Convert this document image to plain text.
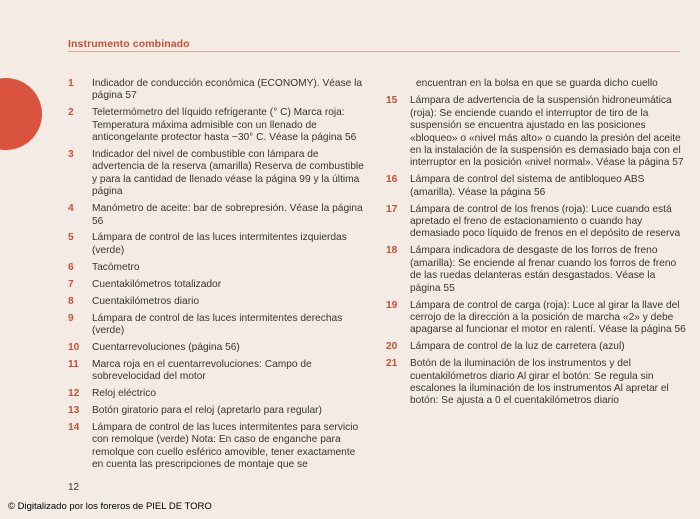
Instrumento combinado
1	Indicador de conducción económica (ECONOMY). Véase la página 57
2	Teletermómetro del líquido refrigerante (° C) Marca roja: Temperatura máxima admisible con un llenado de anticongelante protector hasta −30° C. Véase la página 56
3	Indicador del nivel de combustible con lámpara de advertencia de la reserva (amarilla) Reserva de combustible y para la cantidad de llenado véase la página 99 y la última página
4	Manómetro de aceite: bar de sobrepresión. Véase la página 56
5	Lámpara de control de las luces intermitentes izquierdas (verde)
6	Tacómetro
7	Cuentakilómetros totalizador
8	Cuentakilómetros diario
9	Lámpara de control de las luces intermitentes derechas (verde)
10	Cuentarrevoluciones (página 56)
11	Marca roja en el cuentarrevoluciones: Campo de sobrevelocidad del motor
12	Reloj eléctrico
13	Botón giratorio para el reloj (apretarlo para regular)
14	Lámpara de control de las luces intermitentes para servicio con remolque (verde) Nota: En caso de enganche para remolque con cuello esférico amovible, tener exactamente en cuenta las prescripciones de montaje que se
encuentran en la bolsa en que se guarda dicho cuello
15	Lámpara de advertencia de la suspensión hidroneumática (roja): Se enciende cuando el interruptor de tiro de la suspensión se encuentra ajustado en las posiciones «bloqueo» o «nivel más alto» o cuando la presión del aceite en la instalación de la suspensión es demasiado baja con el interruptor en la posición «nivel normal». Véase la página 57
16	Lámpara de control del sistema de antibloqueo ABS (amarilla). Véase la página 56
17	Lámpara de control de los frenos (roja): Luce cuando está apretado el freno de estacionamiento o cuando hay demasiado poco líquido de frenos en el depósito de reserva
18	Lámpara indicadora de desgaste de los forros de freno (amarilla): Se enciende al frenar cuando los forros de freno de las ruedas delanteras están desgastados. Véase la página 55
19	Lámpara de control de carga (roja): Luce al girar la llave del cerrojo de la dirección a la posición de marcha «2» y debe apagarse al funcionar el motor en ralentí. Véase la página 56
20	Lámpara de control de la luz de carretera (azul)
21	Botón de la iluminación de los instrumentos y del cuentakilómetros diario Al girar el botón: Se regula sin escalones la iluminación de los instrumentos Al apretar el botón: Se ajusta a 0 el cuentakilómetros diario
12
© Digitalizado por los foreros de PIEL DE TORO
